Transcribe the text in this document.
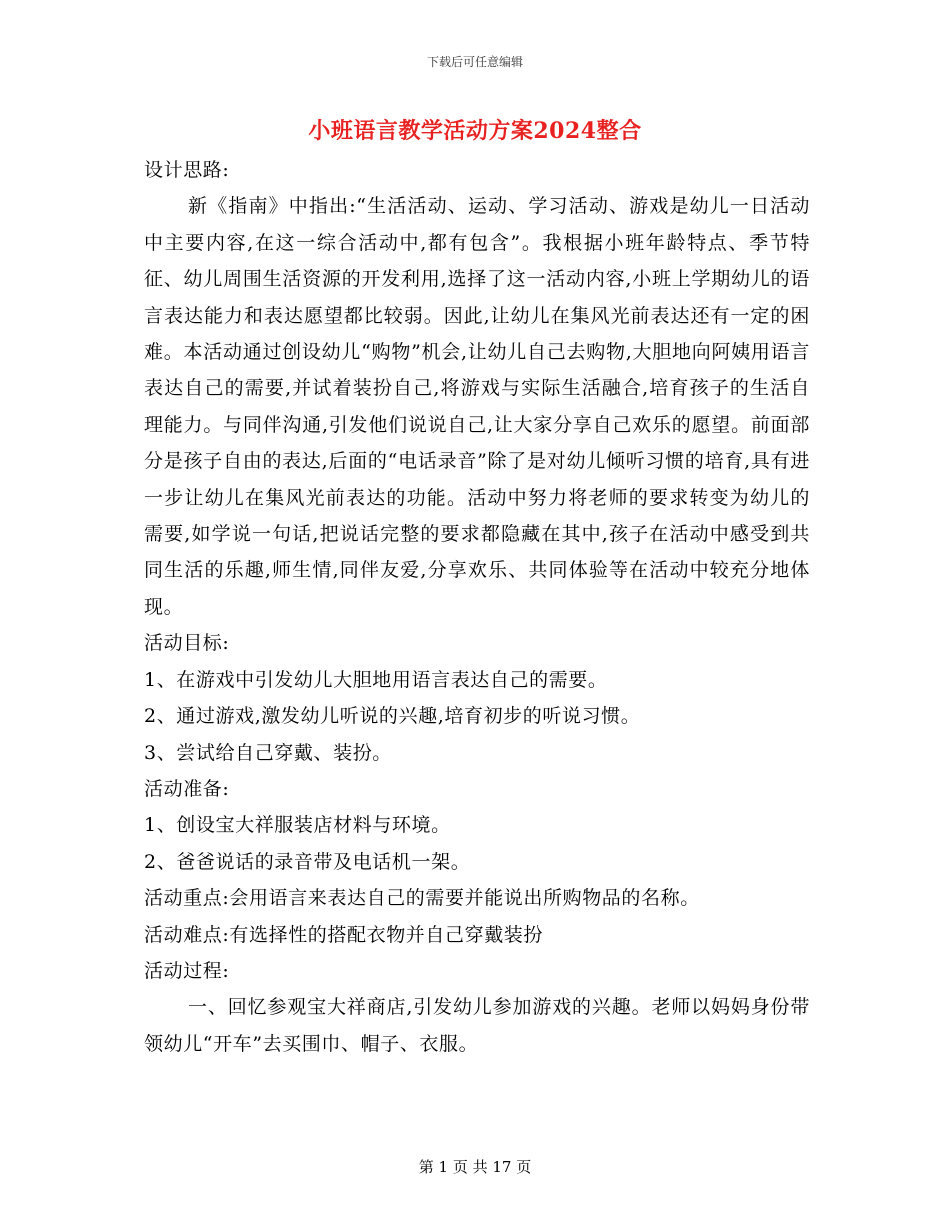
下载后可任意编辑
小班语言教学活动方案2024整合

设计思路:

新《指南》中指出:“生活活动、运动、学习活动、游戏是幼儿一日活动中主要内容,在这一综合活动中,都有包含”。我根据小班年龄特点、季节特征、幼儿周围生活资源的开发利用,选择了这一活动内容,小班上学期幼儿的语言表达能力和表达愿望都比较弱。因此,让幼儿在集风光前表达还有一定的困难。本活动通过创设幼儿“购物”机会,让幼儿自己去购物,大胆地向阿姨用语言表达自己的需要,并试着装扮自己,将游戏与实际生活融合,培育孩子的生活自理能力。与同伴沟通,引发他们说说自己,让大家分享自己欢乐的愿望。前面部分是孩子自由的表达,后面的“电话录音”除了是对幼儿倾听习惯的培育,具有进一步让幼儿在集风光前表达的功能。活动中努力将老师的要求转变为幼儿的需要,如学说一句话,把说话完整的要求都隐藏在其中,孩子在活动中感受到共同生活的乐趣,师生情,同伴友爱,分享欢乐、共同体验等在活动中较充分地体现。

活动目标:

1、在游戏中引发幼儿大胆地用语言表达自己的需要。

2、通过游戏,激发幼儿听说的兴趣,培育初步的听说习惯。

3、尝试给自己穿戴、装扮。

活动准备:

1、创设宝大祥服装店材料与环境。

2、爸爸说话的录音带及电话机一架。

活动重点:会用语言来表达自己的需要并能说出所购物品的名称。

活动难点:有选择性的搭配衣物并自己穿戴装扮

活动过程:

一、回忆参观宝大祥商店,引发幼儿参加游戏的兴趣。老师以妈妈身份带领幼儿“开车”去买围巾、帽子、衣服。

第 1 页 共 17 页
